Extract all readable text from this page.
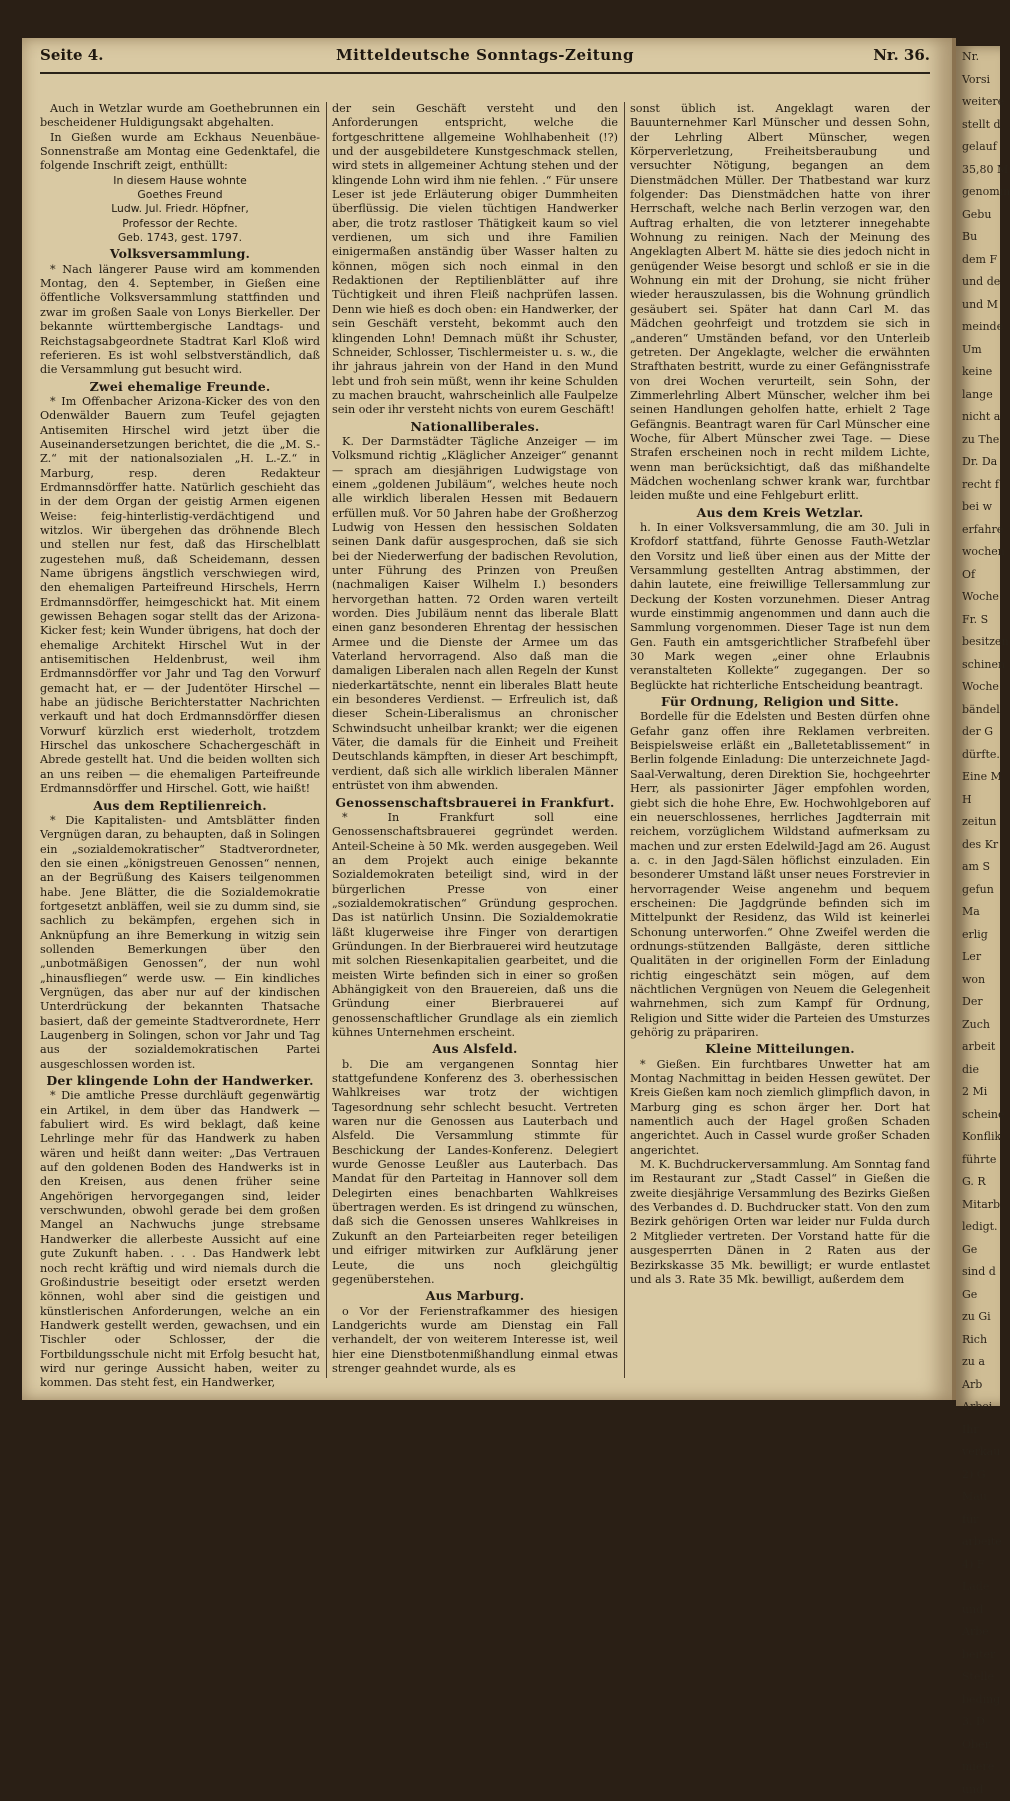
Seite 4.	Mitteldeutsche Sonntags-Zeitung	Nr. 36.

Auch in Wetzlar wurde am Goethebrunnen ein bescheidener Huldigungsakt abgehalten.

In Gießen wurde am Eckhaus Neuenbäue-Sonnenstraße am Montag eine Gedenktafel, die folgende Inschrift zeigt, enthüllt:

In diesem Hause wohnte
Goethes Freund
Ludw. Jul. Friedr. Höpfner,
Professor der Rechte.
Geb. 1743, gest. 1797.
Volksversammlung.

* Nach längerer Pause wird am kommenden Montag, den 4. September, in Gießen eine öffentliche Volksversammlung stattfinden und zwar im großen Saale von Lonys Bierkeller. Der bekannte württembergische Landtags- und Reichstagsabgeordnete Stadtrat Karl Kloß wird referieren. Es ist wohl selbstverständlich, daß die Versammlung gut besucht wird.

Zwei ehemalige Freunde.

* Im Offenbacher Arizona-Kicker des von den Odenwälder Bauern zum Teufel gejagten Antisemiten Hirschel wird jetzt über die Auseinandersetzungen berichtet, die die „M. S.-Z.“ mit der nationalsozialen „H. L.-Z.“ in Marburg, resp. deren Redakteur Erdmannsdörffer hatte. Natürlich geschieht das in der dem Organ der geistig Armen eigenen Weise: feig-hinterlistig-verdächtigend und witzlos. Wir übergehen das dröhnende Blech und stellen nur fest, daß das Hirschelblatt zugestehen muß, daß Scheidemann, dessen Name übrigens ängstlich verschwiegen wird, den ehemaligen Parteifreund Hirschels, Herrn Erdmannsdörffer, heimgeschickt hat. Mit einem gewissen Behagen sogar stellt das der Arizona-Kicker fest; kein Wunder übrigens, hat doch der ehemalige Architekt Hirschel Wut in der antisemitischen Heldenbrust, weil ihm Erdmannsdörffer vor Jahr und Tag den Vorwurf gemacht hat, er — der Judentöter Hirschel — habe an jüdische Berichterstatter Nachrichten verkauft und hat doch Erdmannsdörffer diesen Vorwurf kürzlich erst wiederholt, trotzdem Hirschel das unkoschere Schachergeschäft in Abrede gestellt hat. Und die beiden wollten sich an uns reiben — die ehemaligen Parteifreunde Erdmannsdörffer und Hirschel. Gott, wie haißt!

Aus dem Reptilienreich.

* Die Kapitalisten- und Amtsblätter finden Vergnügen daran, zu behaupten, daß in Solingen ein „sozialdemokratischer“ Stadtverordneter, den sie einen „königstreuen Genossen“ nennen, an der Begrüßung des Kaisers teilgenommen habe. Jene Blätter, die die Sozialdemokratie fortgesetzt anbläffen, weil sie zu dumm sind, sie sachlich zu bekämpfen, ergehen sich in Anknüpfung an ihre Bemerkung in witzig sein sollenden Bemerkungen über den „unbotmäßigen Genossen“, der nun wohl „hinausfliegen“ werde usw. — Ein kindliches Vergnügen, das aber nur auf der kindischen Unterdrückung der bekannten Thatsache basiert, daß der gemeinte Stadtverordnete, Herr Laugenberg in Solingen, schon vor Jahr und Tag aus der sozialdemokratischen Partei ausgeschlossen worden ist.

Der klingende Lohn der Handwerker.

* Die amtliche Presse durchläuft gegenwärtig ein Artikel, in dem über das Handwerk — fabuliert wird. Es wird beklagt, daß keine Lehrlinge mehr für das Handwerk zu haben wären und heißt dann weiter: „Das Vertrauen auf den goldenen Boden des Handwerks ist in den Kreisen, aus denen früher seine Angehörigen hervorgegangen sind, leider verschwunden, obwohl gerade bei dem großen Mangel an Nachwuchs junge strebsame Handwerker die allerbeste Aussicht auf eine gute Zukunft haben. . . . Das Handwerk lebt noch recht kräftig und wird niemals durch die Großindustrie beseitigt oder ersetzt werden können, wohl aber sind die geistigen und künstlerischen Anforderungen, welche an ein Handwerk gestellt werden, gewachsen, und ein Tischler oder Schlosser, der die Fortbildungsschule nicht mit Erfolg besucht hat, wird nur geringe Aussicht haben, weiter zu kommen. Das steht fest, ein Handwerker,

der sein Geschäft versteht und den Anforderungen entspricht, welche die fortgeschrittene allgemeine Wohlhabenheit (!?) und der ausgebildetere Kunstgeschmack stellen, wird stets in allgemeiner Achtung stehen und der klingende Lohn wird ihm nie fehlen. .“ Für unsere Leser ist jede Erläuterung obiger Dummheiten überflüssig. Die vielen tüchtigen Handwerker aber, die trotz rastloser Thätigkeit kaum so viel verdienen, um sich und ihre Familien einigermaßen anständig über Wasser halten zu können, mögen sich noch einmal in den Redaktionen der Reptilienblätter auf ihre Tüchtigkeit und ihren Fleiß nachprüfen lassen. Denn wie hieß es doch oben: ein Handwerker, der sein Geschäft versteht, bekommt auch den klingenden Lohn! Demnach müßt ihr Schuster, Schneider, Schlosser, Tischlermeister u. s. w., die ihr jahraus jahrein von der Hand in den Mund lebt und froh sein müßt, wenn ihr keine Schulden zu machen braucht, wahrscheinlich alle Faulpelze sein oder ihr versteht nichts von eurem Geschäft!

Nationalliberales.

K. Der Darmstädter Tägliche Anzeiger — im Volksmund richtig „Kläglicher Anzeiger“ genannt — sprach am diesjährigen Ludwigstage von einem „goldenen Jubiläum“, welches heute noch alle wirklich liberalen Hessen mit Bedauern erfüllen muß. Vor 50 Jahren habe der Großherzog Ludwig von Hessen den hessischen Soldaten seinen Dank dafür ausgesprochen, daß sie sich bei der Niederwerfung der badischen Revolution, unter Führung des Prinzen von Preußen (nachmaligen Kaiser Wilhelm I.) besonders hervorgethan hatten. 72 Orden waren verteilt worden. Dies Jubiläum nennt das liberale Blatt einen ganz besonderen Ehrentag der hessischen Armee und die Dienste der Armee um das Vaterland hervorragend. Also daß man die damaligen Liberalen nach allen Regeln der Kunst niederkartätschte, nennt ein liberales Blatt heute ein besonderes Verdienst. — Erfreulich ist, daß dieser Schein-Liberalismus an chronischer Schwindsucht unheilbar krankt; wer die eigenen Väter, die damals für die Einheit und Freiheit Deutschlands kämpften, in dieser Art beschimpft, verdient, daß sich alle wirklich liberalen Männer entrüstet von ihm abwenden.

Genossenschaftsbrauerei in Frankfurt.

* In Frankfurt soll eine Genossenschaftsbrauerei gegründet werden. Anteil-Scheine à 50 Mk. werden ausgegeben. Weil an dem Projekt auch einige bekannte Sozialdemokraten beteiligt sind, wird in der bürgerlichen Presse von einer „sozialdemokratischen“ Gründung gesprochen. Das ist natürlich Unsinn. Die Sozialdemokratie läßt klugerweise ihre Finger von derartigen Gründungen. In der Bierbrauerei wird heutzutage mit solchen Riesenkapitalien gearbeitet, und die meisten Wirte befinden sich in einer so großen Abhängigkeit von den Brauereien, daß uns die Gründung einer Bierbrauerei auf genossenschaftlicher Grundlage als ein ziemlich kühnes Unternehmen erscheint.

Aus Alsfeld.

b. Die am vergangenen Sonntag hier stattgefundene Konferenz des 3. oberhessischen Wahlkreises war trotz der wichtigen Tagesordnung sehr schlecht besucht. Vertreten waren nur die Genossen aus Lauterbach und Alsfeld. Die Versammlung stimmte für Beschickung der Landes-Konferenz. Delegiert wurde Genosse Leußler aus Lauterbach. Das Mandat für den Parteitag in Hannover soll dem Delegirten eines benachbarten Wahlkreises übertragen werden. Es ist dringend zu wünschen, daß sich die Genossen unseres Wahlkreises in Zukunft an den Parteiarbeiten reger beteiligen und eifriger mitwirken zur Aufklärung jener Leute, die uns noch gleichgültig gegenüberstehen.

Aus Marburg.

o Vor der Ferienstrafkammer des hiesigen Landgerichts wurde am Dienstag ein Fall verhandelt, der von weiterem Interesse ist, weil hier eine Dienstbotenmißhandlung einmal etwas strenger geahndet wurde, als es

sonst üblich ist. Angeklagt waren der Bauunternehmer Karl Münscher und dessen Sohn, der Lehrling Albert Münscher, wegen Körperverletzung, Freiheitsberaubung und versuchter Nötigung, begangen an dem Dienstmädchen Müller. Der Thatbestand war kurz folgender: Das Dienstmädchen hatte von ihrer Herrschaft, welche nach Berlin verzogen war, den Auftrag erhalten, die von letzterer innegehabte Wohnung zu reinigen. Nach der Meinung des Angeklagten Albert M. hätte sie dies jedoch nicht in genügender Weise besorgt und schloß er sie in die Wohnung ein mit der Drohung, sie nicht früher wieder herauszulassen, bis die Wohnung gründlich gesäubert sei. Später hat dann Carl M. das Mädchen geohrfeigt und trotzdem sie sich in „anderen“ Umständen befand, vor den Unterleib getreten. Der Angeklagte, welcher die erwähnten Strafthaten bestritt, wurde zu einer Gefängnisstrafe von drei Wochen verurteilt, sein Sohn, der Zimmerlehrling Albert Münscher, welcher ihm bei seinen Handlungen geholfen hatte, erhielt 2 Tage Gefängnis. Beantragt waren für Carl Münscher eine Woche, für Albert Münscher zwei Tage. — Diese Strafen erscheinen noch in recht mildem Lichte, wenn man berücksichtigt, daß das mißhandelte Mädchen wochenlang schwer krank war, furchtbar leiden mußte und eine Fehlgeburt erlitt.

Aus dem Kreis Wetzlar.

h. In einer Volksversammlung, die am 30. Juli in Krofdorf stattfand, führte Genosse Fauth-Wetzlar den Vorsitz und ließ über einen aus der Mitte der Versammlung gestellten Antrag abstimmen, der dahin lautete, eine freiwillige Tellersammlung zur Deckung der Kosten vorzunehmen. Dieser Antrag wurde einstimmig angenommen und dann auch die Sammlung vorgenommen. Dieser Tage ist nun dem Gen. Fauth ein amtsgerichtlicher Strafbefehl über 30 Mark wegen „einer ohne Erlaubnis veranstalteten Kollekte“ zugegangen. Der so Beglückte hat richterliche Entscheidung beantragt.

Für Ordnung, Religion und Sitte.

Bordelle für die Edelsten und Besten dürfen ohne Gefahr ganz offen ihre Reklamen verbreiten. Beispielsweise erläßt ein „Balletetablissement“ in Berlin folgende Einladung: Die unterzeichnete Jagd-Saal-Verwaltung, deren Direktion Sie, hochgeehrter Herr, als passionirter Jäger empfohlen worden, giebt sich die hohe Ehre, Ew. Hochwohlgeboren auf ein neuerschlossenes, herrliches Jagdterrain mit reichem, vorzüglichem Wildstand aufmerksam zu machen und zur ersten Edelwild-Jagd am 26. August a. c. in den Jagd-Sälen höflichst einzuladen. Ein besonderer Umstand läßt unser neues Forstrevier in hervorragender Weise angenehm und bequem erscheinen: Die Jagdgründe befinden sich im Mittelpunkt der Residenz, das Wild ist keinerlei Schonung unterworfen.“ Ohne Zweifel werden die ordnungs-stützenden Ballgäste, deren sittliche Qualitäten in der originellen Form der Einladung richtig eingeschätzt sein mögen, auf dem nächtlichen Vergnügen von Neuem die Gelegenheit wahrnehmen, sich zum Kampf für Ordnung, Religion und Sitte wider die Parteien des Umsturzes gehörig zu präpariren.

Kleine Mitteilungen.

* Gießen. Ein furchtbares Unwetter hat am Montag Nachmittag in beiden Hessen gewütet. Der Kreis Gießen kam noch ziemlich glimpflich davon, in Marburg ging es schon ärger her. Dort hat namentlich auch der Hagel großen Schaden angerichtet. Auch in Cassel wurde großer Schaden angerichtet.

M. K. Buchdruckerversammlung. Am Sonntag fand im Restaurant zur „Stadt Cassel“ in Gießen die zweite diesjährige Versammlung des Bezirks Gießen des Verbandes d. D. Buchdrucker statt. Von den zum Bezirk gehörigen Orten war leider nur Fulda durch 2 Mitglieder vertreten. Der Vorstand hatte für die ausgesperrten Dänen in 2 Raten aus der Bezirkskasse 35 Mk. bewilligt; er wurde entlastet und als 3. Rate 35 Mk. bewilligt, außerdem dem

Nr.
Vorsi
weitere
stellt d
gelauf
35,80 M
genomm
Gebu
Bu
dem F
und de
und M
meinde
Um
keine
lange
nicht a
zu The
Dr. Da
recht f
bei w
erfahre
wochen
Of
Woche
Fr. S
besitzen
schinen
Woche
bändel
der G
dürfte.
Eine M
H
zeitun
des Kr
am S
gefun
Ma
erlig
Ler
won
Der
Zuch
arbeit
die
2 Mi
scheine
Konflik
führte
G. R
Mitarb
ledigt.
Ge
sind d
Ge
zu Gi
Rich
zu a
Arb
Arbei
Ihr
verkau
2) G
Mau
für
arbeite
4) F
Lade
und
Arbe
beiter
Stelle
beding
3. D
Ober
miere
und
